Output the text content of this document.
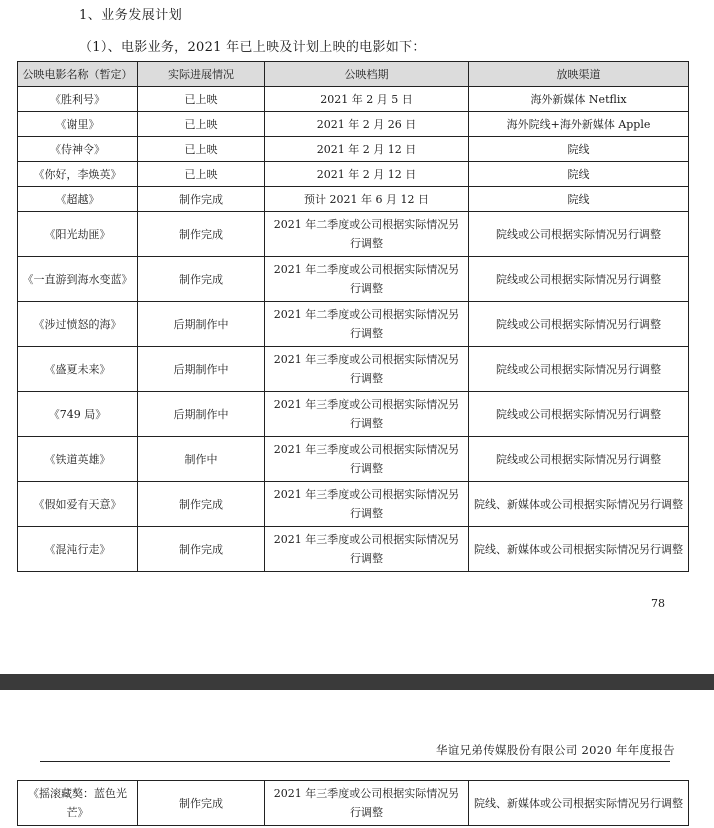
1、业务发展计划
（1）、电影业务，2021 年已上映及计划上映的电影如下：
公映电影名称（暂定）	实际进展情况	公映档期	放映渠道
《胜利号》	已上映	2021 年 2 月 5 日	海外新媒体 Netflix
《谢里》	已上映	2021 年 2 月 26 日	海外院线+海外新媒体 Apple
《侍神令》	已上映	2021 年 2 月 12 日	院线
《你好，李焕英》	已上映	2021 年 2 月 12 日	院线
《超越》	制作完成	预计 2021 年 6 月 12 日	院线
《阳光劫匪》	制作完成	2021 年二季度或公司根据实际情况另行调整	院线或公司根据实际情况另行调整
《一直游到海水变蓝》	制作完成	2021 年二季度或公司根据实际情况另行调整	院线或公司根据实际情况另行调整
《涉过愤怒的海》	后期制作中	2021 年二季度或公司根据实际情况另行调整	院线或公司根据实际情况另行调整
《盛夏未来》	后期制作中	2021 年三季度或公司根据实际情况另行调整	院线或公司根据实际情况另行调整
《749 局》	后期制作中	2021 年三季度或公司根据实际情况另行调整	院线或公司根据实际情况另行调整
《铁道英雄》	制作中	2021 年三季度或公司根据实际情况另行调整	院线或公司根据实际情况另行调整
《假如爱有天意》	制作完成	2021 年三季度或公司根据实际情况另行调整	院线、新媒体或公司根据实际情况另行调整
《混沌行走》	制作完成	2021 年三季度或公司根据实际情况另行调整	院线、新媒体或公司根据实际情况另行调整
78
华谊兄弟传媒股份有限公司 2020 年年度报告
《摇滚藏獒：蓝色光芒》	制作完成	2021 年三季度或公司根据实际情况另行调整	院线、新媒体或公司根据实际情况另行调整
